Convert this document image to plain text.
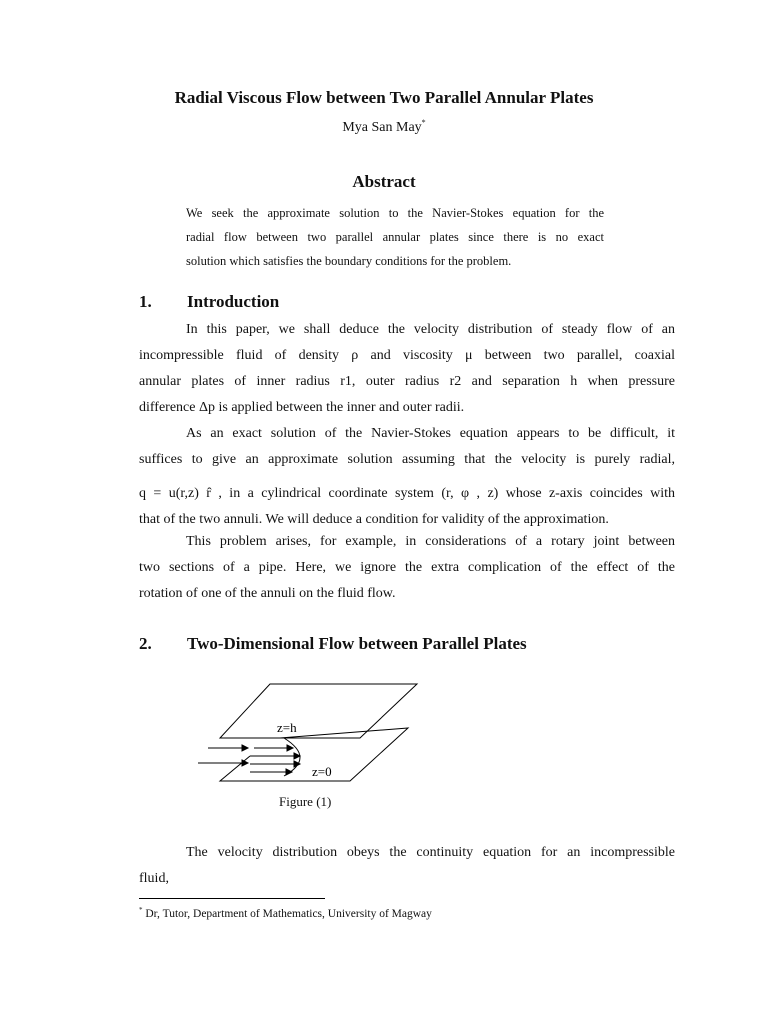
Radial Viscous Flow between Two Parallel Annular Plates
Mya San May*
Abstract
We seek the approximate solution to the Navier-Stokes equation for the
radial flow between two parallel annular plates since there is no exact
solution which satisfies the boundary conditions for the problem.
1. Introduction
In this paper, we shall deduce the velocity distribution of steady flow of an
incompressible fluid of density ρ and viscosity μ between two parallel, coaxial
annular plates of inner radius r1, outer radius r2 and separation h when pressure
difference Δp is applied between the inner and outer radii.
As an exact solution of the Navier-Stokes equation appears to be difficult, it
suffices to give an approximate solution assuming that the velocity is purely radial,
q = u(r,z) r̂ , in a cylindrical coordinate system (r, φ , z) whose z-axis coincides with
that of the two annuli. We will deduce a condition for validity of the approximation.
This problem arises, for example, in considerations of a rotary joint between
two sections of a pipe. Here, we ignore the extra complication of the effect of the
rotation of one of the annuli on the fluid flow.
2. Two-Dimensional Flow between Parallel Plates
z=h
z=0
Figure (1)
The velocity distribution obeys the continuity equation for an incompressible
fluid,
* Dr, Tutor, Department of Mathematics, University of Magway
